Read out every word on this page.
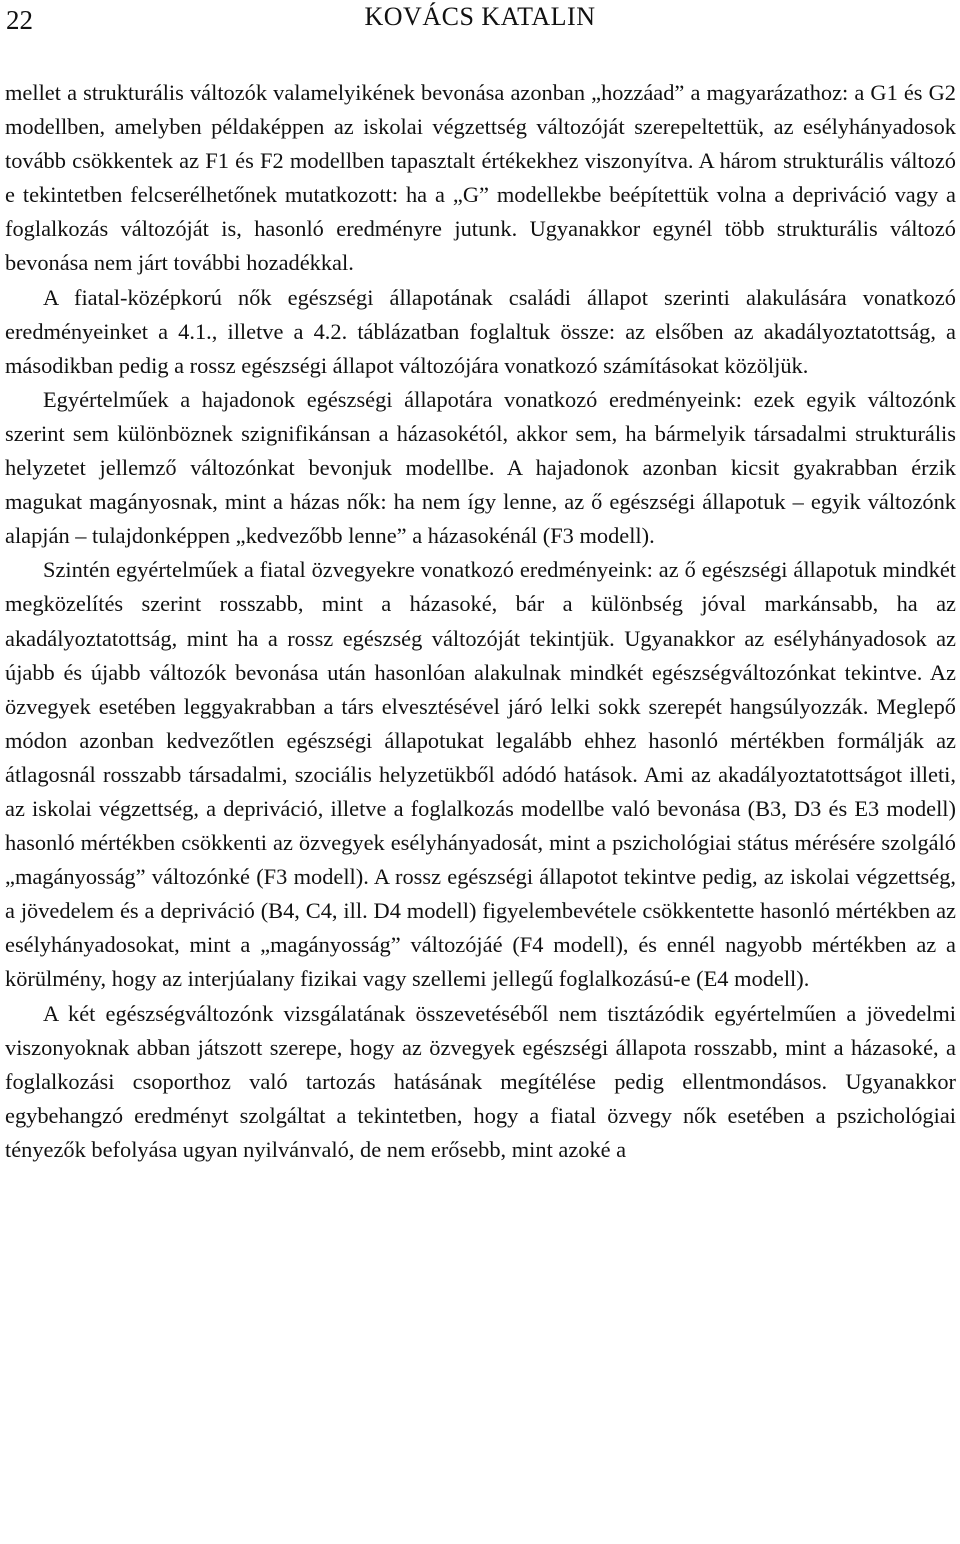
22	KOVÁCS KATALIN

mellet a strukturális változók valamelyikének bevonása azonban „hozzáad” a magyarázathoz: a G1 és G2 modellben, amelyben példaképpen az iskolai végzettség változóját szerepeltettük, az esélyhányadosok tovább csökkentek az F1 és F2 modellben tapasztalt értékekhez viszonyítva. A három strukturális változó e tekintetben felcserélhetőnek mutatkozott: ha a „G” modellekbe beépítettük volna a depriváció vagy a foglalkozás változóját is, hasonló eredményre jutunk. Ugyanakkor egynél több strukturális változó bevonása nem járt további hozadékkal.

A fiatal-középkorú nők egészségi állapotának családi állapot szerinti alakulására vonatkozó eredményeinket a 4.1., illetve a 4.2. táblázatban foglaltuk össze: az elsőben az akadályoztatottság, a másodikban pedig a rossz egészségi állapot változójára vonatkozó számításokat közöljük.

Egyértelműek a hajadonok egészségi állapotára vonatkozó eredményeink: ezek egyik változónk szerint sem különböznek szignifikánsan a házasokétól, akkor sem, ha bármelyik társadalmi strukturális helyzetet jellemző változónkat bevonjuk modellbe. A hajadonok azonban kicsit gyakrabban érzik magukat magányosnak, mint a házas nők: ha nem így lenne, az ő egészségi állapotuk – egyik változónk alapján – tulajdonképpen „kedvezőbb lenne” a házasokénál (F3 modell).

Szintén egyértelműek a fiatal özvegyekre vonatkozó eredményeink: az ő egészségi állapotuk mindkét megközelítés szerint rosszabb, mint a házasoké, bár a különbség jóval markánsabb, ha az akadályoztatottság, mint ha a rossz egészség változóját tekintjük. Ugyanakkor az esélyhányadosok az újabb és újabb változók bevonása után hasonlóan alakulnak mindkét egészségváltozónkat tekintve. Az özvegyek esetében leggyakrabban a társ elvesztésével járó lelki sokk szerepét hangsúlyozzák. Meglepő módon azonban kedvezőtlen egészségi állapotukat legalább ehhez hasonló mértékben formálják az átlagosnál rosszabb társadalmi, szociális helyzetükből adódó hatások. Ami az akadályoztatottságot illeti, az iskolai végzettség, a depriváció, illetve a foglalkozás modellbe való bevonása (B3, D3 és E3 modell) hasonló mértékben csökkenti az özvegyek esélyhányadosát, mint a pszichológiai státus mérésére szolgáló „magányosság” változónké (F3 modell). A rossz egészségi állapotot tekintve pedig, az iskolai végzettség, a jövedelem és a depriváció (B4, C4, ill. D4 modell) figyelembevétele csökkentette hasonló mértékben az esélyhányadosokat, mint a „magányosság” változójáé (F4 modell), és ennél nagyobb mértékben az a körülmény, hogy az interjúalany fizikai vagy szellemi jellegű foglalkozású-e (E4 modell).

A két egészségváltozónk vizsgálatának összevetéséből nem tisztázódik egyértelműen a jövedelmi viszonyoknak abban játszott szerepe, hogy az özvegyek egészségi állapota rosszabb, mint a házasoké, a foglalkozási csoporthoz való tartozás hatásának megítélése pedig ellentmondásos. Ugyanakkor egybehangzó eredményt szolgáltat a tekintetben, hogy a fiatal özvegy nők esetében a pszichológiai tényezők befolyása ugyan nyilvánvaló, de nem erősebb, mint azoké a
